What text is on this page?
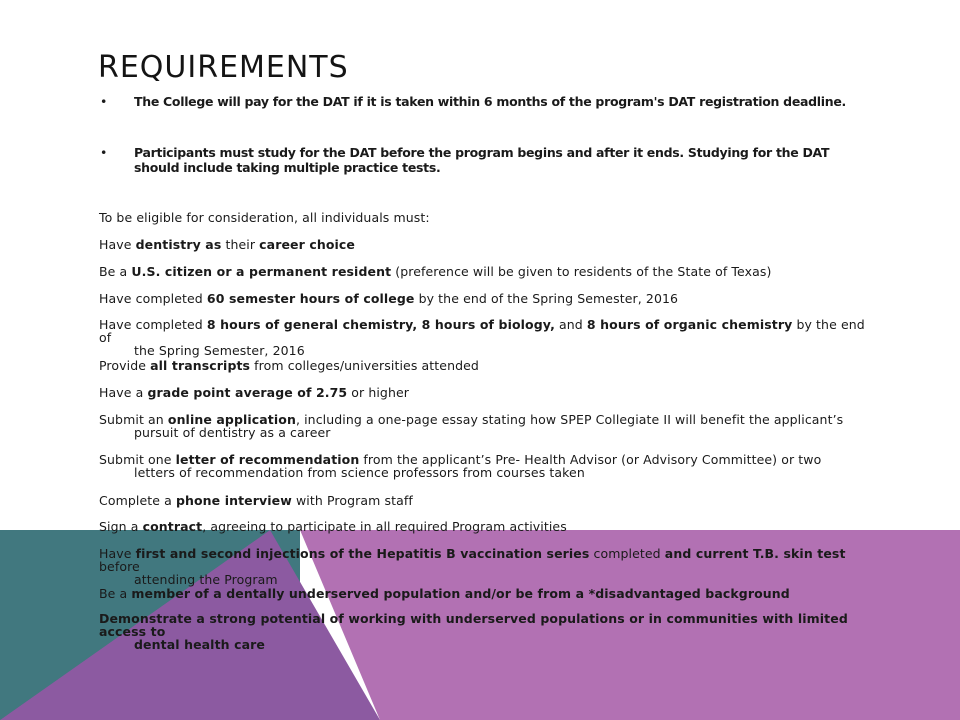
REQUIREMENTS
• The College will pay for the DAT if it is taken within 6 months of the program's DAT registration deadline.
• Participants must study for the DAT before the program begins and after it ends. Studying for the DAT should include taking multiple practice tests.
To be eligible for consideration, all individuals must:
Have dentistry as their career choice
Be a U.S. citizen or a permanent resident (preference will be given to residents of the State of Texas)
Have completed 60 semester hours of college by the end of the Spring Semester, 2016
Have completed 8 hours of general chemistry, 8 hours of biology, and 8 hours of organic chemistry by the end of
the Spring Semester, 2016
Provide all transcripts from colleges/universities attended
Have a grade point average of 2.75 or higher
Submit an online application, including a one-page essay stating how SPEP Collegiate II will benefit the applicant’s
pursuit of dentistry as a career
Submit one letter of recommendation from the applicant’s Pre- Health Advisor (or Advisory Committee) or two
letters of recommendation from science professors from courses taken
Complete a phone interview with Program staff
Sign a contract, agreeing to participate in all required Program activities
Have first and second injections of the Hepatitis B vaccination series completed and current T.B. skin test before
attending the Program
Be a member of a dentally underserved population and/or be from a *disadvantaged background
Demonstrate a strong potential of working with underserved populations or in communities with limited access to
dental health care
